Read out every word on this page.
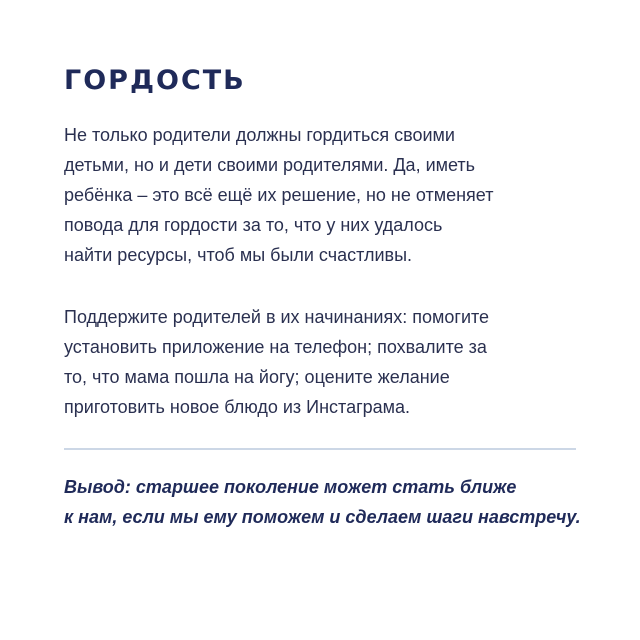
ГОРДОСТЬ

Не только родители должны гордиться своими
детьми, но и дети своими родителями. Да, иметь
ребёнка – это всё ещё их решение, но не отменяет
повода для гордости за то, что у них удалось
найти ресурсы, чтоб мы были счастливы.

Поддержите родителей в их начинаниях: помогите
установить приложение на телефон; похвалите за
то, что мама пошла на йогу; оцените желание
приготовить новое блюдо из Инстаграма.

Вывод: старшее поколение может стать ближе
к нам, если мы ему поможем и сделаем шаги навстречу.
